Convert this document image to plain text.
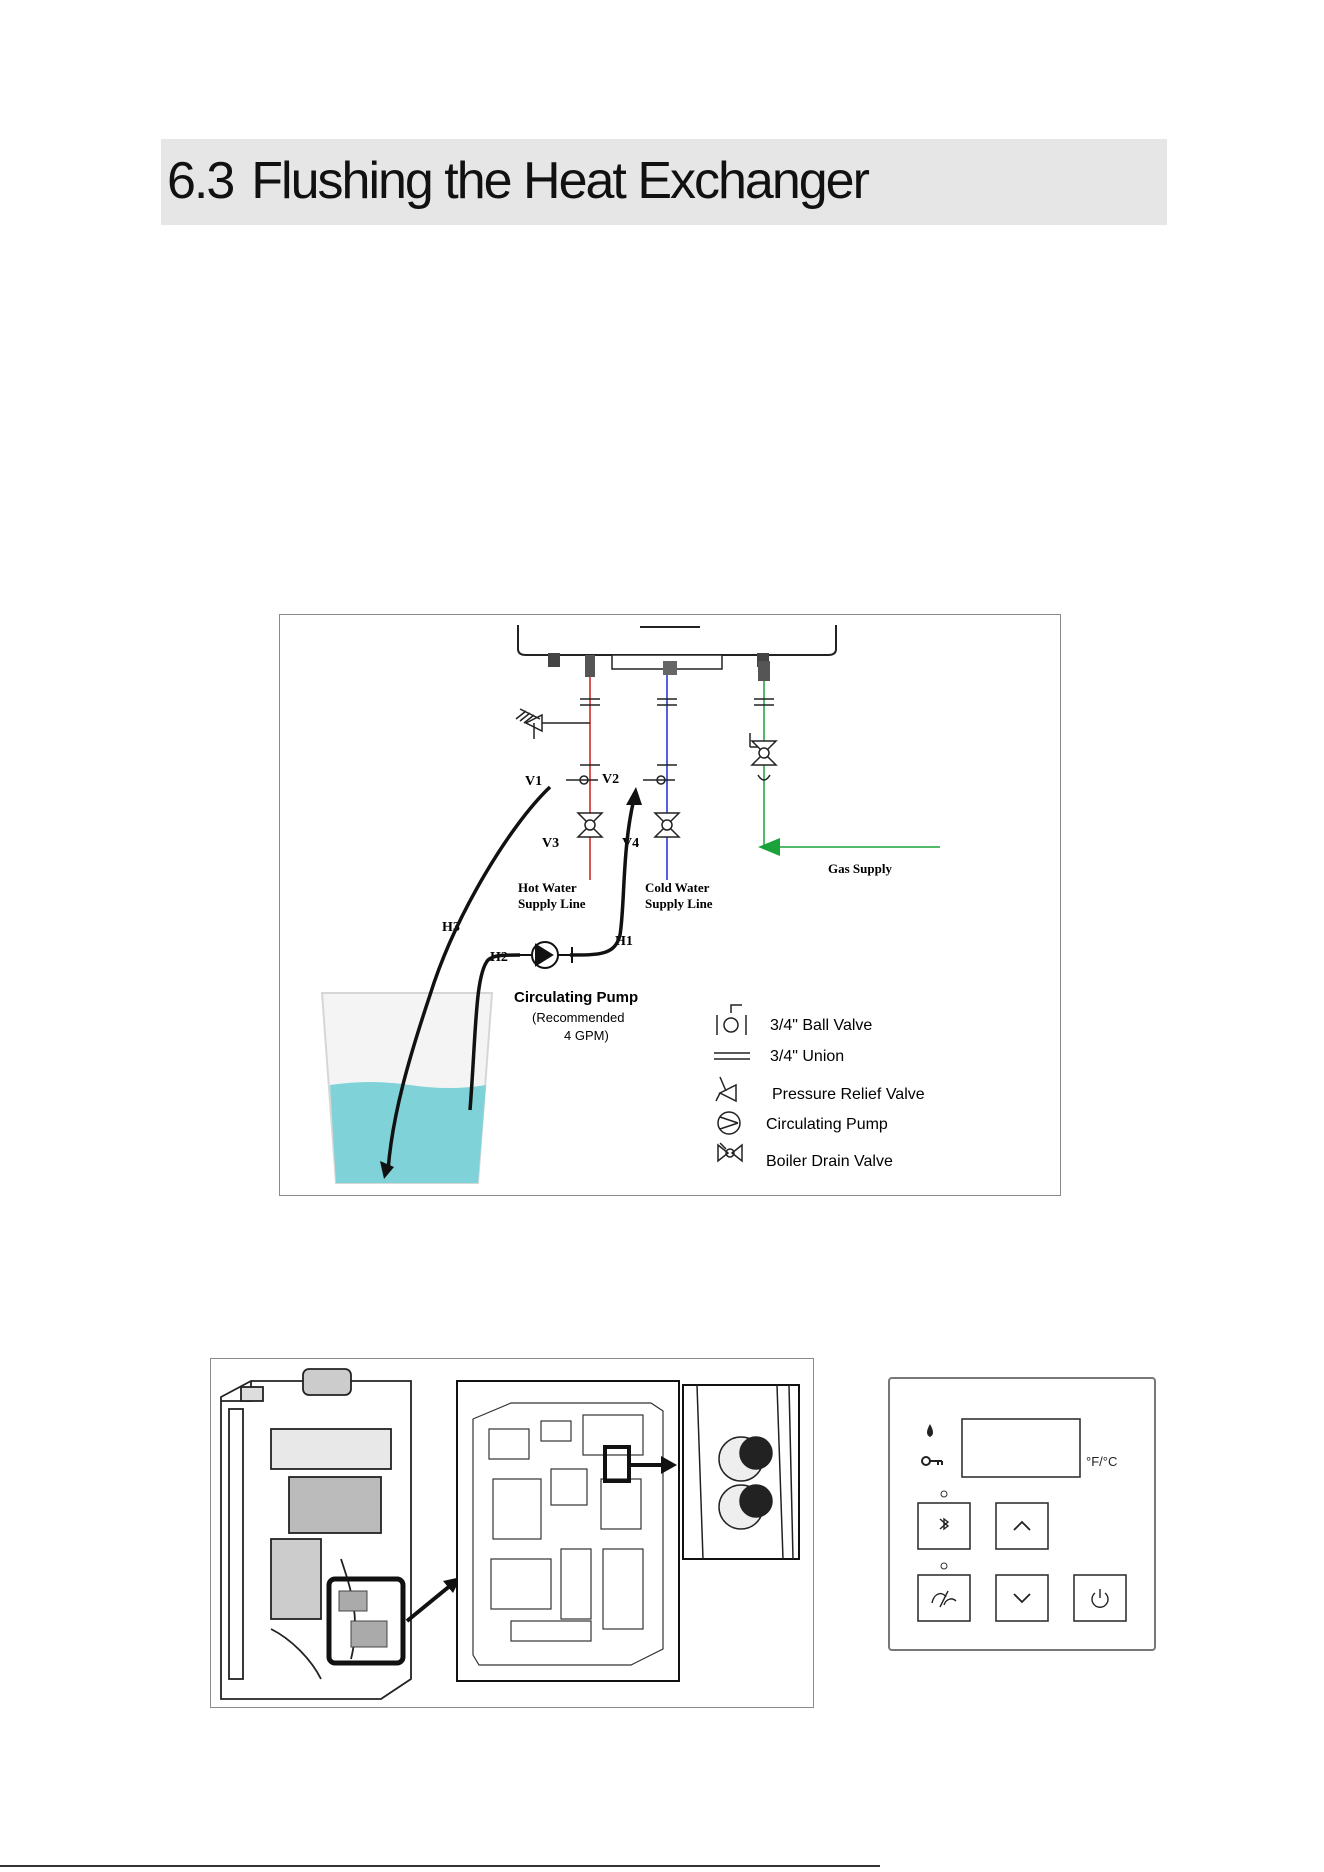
6.3 Flushing the Heat Exchanger
V1	V2
V3	V4
Hot Water
Supply Line
Cold Water
Supply Line
Gas Supply
H3
H2
H1
Circulating Pump
(Recommended
4 GPM)
3/4" Ball Valve
3/4" Union
Pressure Relief Valve
Circulating Pump
Boiler Drain Valve
°F/°C
